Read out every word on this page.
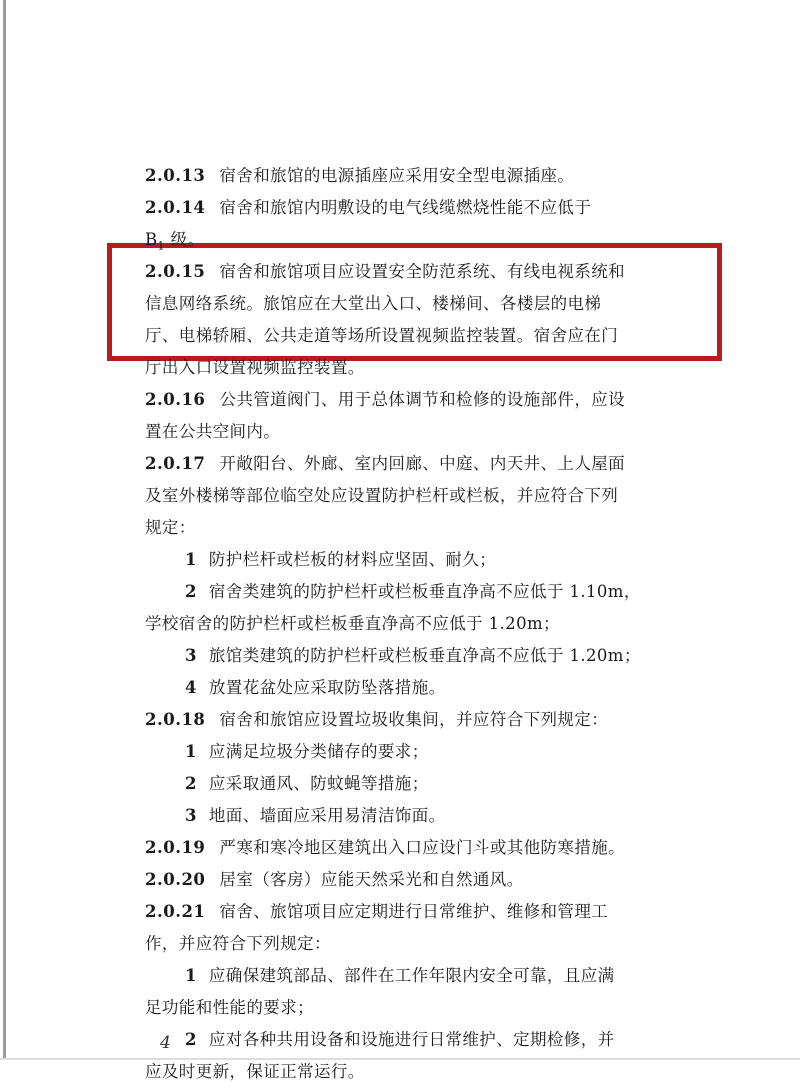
2.0.13 宿舍和旅馆的电源插座应采用安全型电源插座。
2.0.14 宿舍和旅馆内明敷设的电气线缆燃烧性能不应低于
$B_1$ 级。
2.0.15 宿舍和旅馆项目应设置安全防范系统、有线电视系统和
信息网络系统。旅馆应在大堂出入口、楼梯间、各楼层的电梯
厅、电梯轿厢、公共走道等场所设置视频监控装置。宿舍应在门
厅出入口设置视频监控装置。
2.0.16 公共管道阀门、用于总体调节和检修的设施部件，应设
置在公共空间内。
2.0.17 开敞阳台、外廊、室内回廊、中庭、内天井、上人屋面
及室外楼梯等部位临空处应设置防护栏杆或栏板，并应符合下列
规定：
1 防护栏杆或栏板的材料应坚固、耐久；
2 宿舍类建筑的防护栏杆或栏板垂直净高不应低于 1.10m，
学校宿舍的防护栏杆或栏板垂直净高不应低于 1.20m；
3 旅馆类建筑的防护栏杆或栏板垂直净高不应低于 1.20m；
4 放置花盆处应采取防坠落措施。
2.0.18 宿舍和旅馆应设置垃圾收集间，并应符合下列规定：
1 应满足垃圾分类储存的要求；
2 应采取通风、防蚊蝇等措施；
3 地面、墙面应采用易清洁饰面。
2.0.19 严寒和寒冷地区建筑出入口应设门斗或其他防寒措施。
2.0.20 居室（客房）应能天然采光和自然通风。
2.0.21 宿舍、旅馆项目应定期进行日常维护、维修和管理工
作，并应符合下列规定：
1 应确保建筑部品、部件在工作年限内安全可靠，且应满
足功能和性能的要求；
2 应对各种共用设备和设施进行日常维护、定期检修，并
应及时更新，保证正常运行。
4
